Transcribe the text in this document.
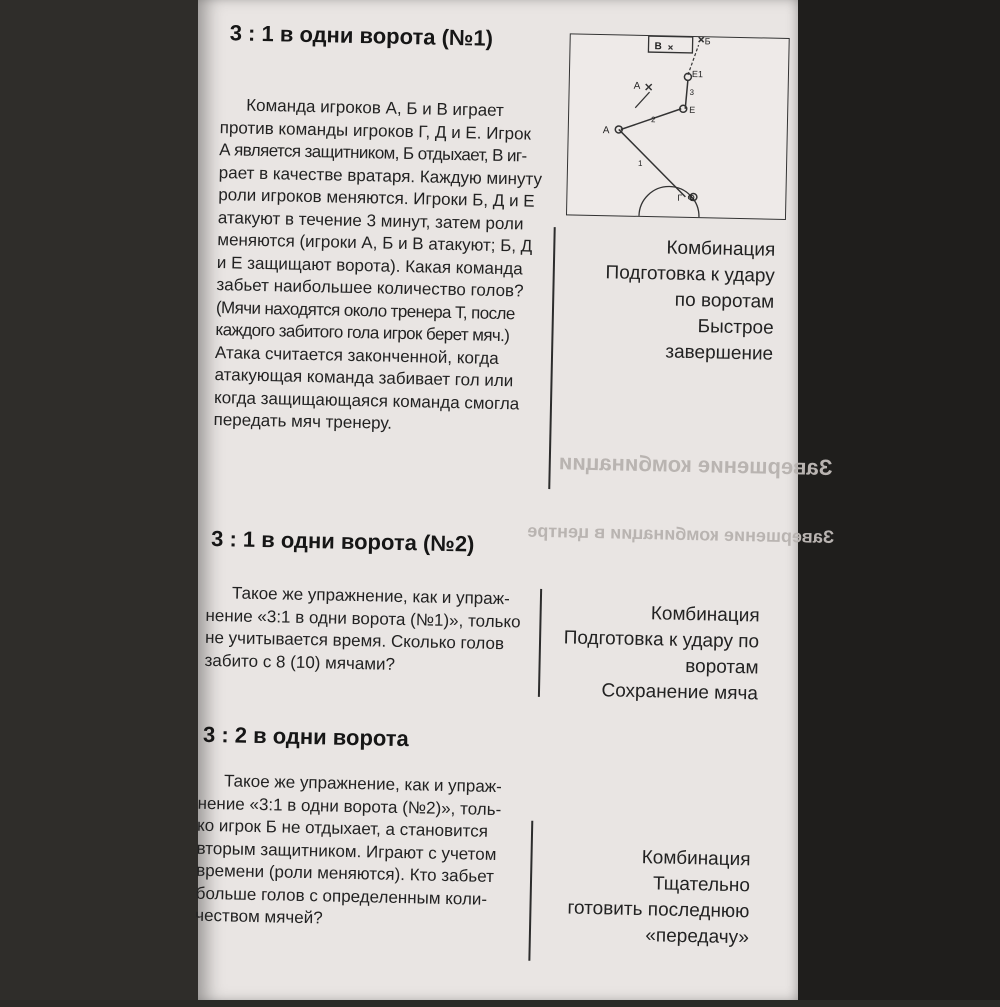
Завершение комбинации
Завершение комбинации в центре
3 : 1 в одни ворота (№1)
Команда игроков А, Б и В играет
против команды игроков Г, Д и Е. Игрок
А является защитником, Б отдыхает, В иг-
рает в качестве вратаря. Каждую минуту
роли игроков меняются. Игроки Б, Д и Е
атакуют в течение 3 минут, затем роли
меняются (игроки А, Б и В атакуют; Б, Д
и Е защищают ворота). Какая команда
забьет наибольшее количество голов?
(Мячи находятся около тренера Т, после
каждого забитого гола игрок берет мяч.)
Атака считается законченной, когда
атакующая команда забивает гол или
когда защищающаяся команда смогла
передать мяч тренеру.
Комбинация
Подготовка к удару
по воротам
Быстрое
завершение
Ф
В	Б
А
А
Е
Е1
Г
1
2
3
3 : 1 в одни ворота (№2)
Такое же упражнение, как и упраж-
нение «3:1 в одни ворота (№1)», только
не учитывается время. Сколько голов
забито с 8 (10) мячами?
Комбинация
Подготовка к удару по
воротам
Сохранение мяча
3 : 2 в одни ворота
Такое же упражнение, как и упраж-
нение «3:1 в одни ворота (№2)», толь-
ко игрок Б не отдыхает, а становится
вторым защитником. Играют с учетом
времени (роли меняются). Кто забьет
больше голов с определенным коли-
чеством мячей?
Комбинация
Тщательно
готовить последнюю
«передачу»
